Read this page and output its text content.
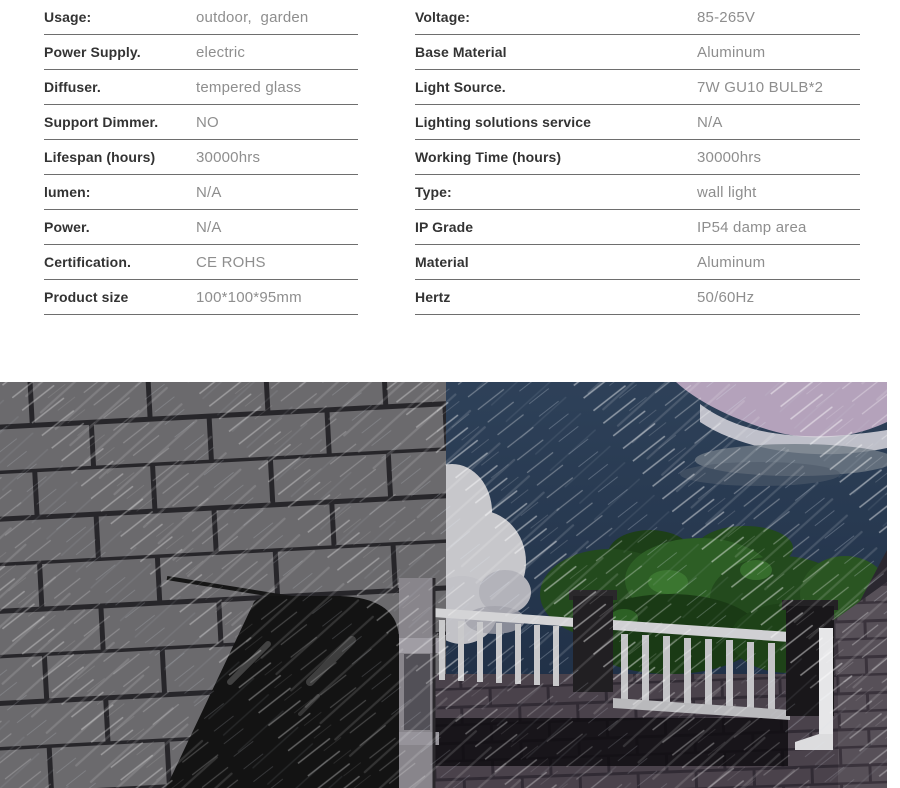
Usage:	outdoor,  garden
Power Supply.	electric
Diffuser.	tempered glass
Support Dimmer.	NO
Lifespan (hours)	30000hrs
lumen:	N/A
Power.	N/A
Certification.	CE ROHS
Product size	100*100*95mm
Voltage:	85-265V
Base Material	Aluminum
Light Source.	7W GU10 BULB*2
Lighting solutions service	N/A
Working Time (hours)	30000hrs
Type:	wall light
IP Grade	IP54 damp area
Material	Aluminum
Hertz	50/60Hz
